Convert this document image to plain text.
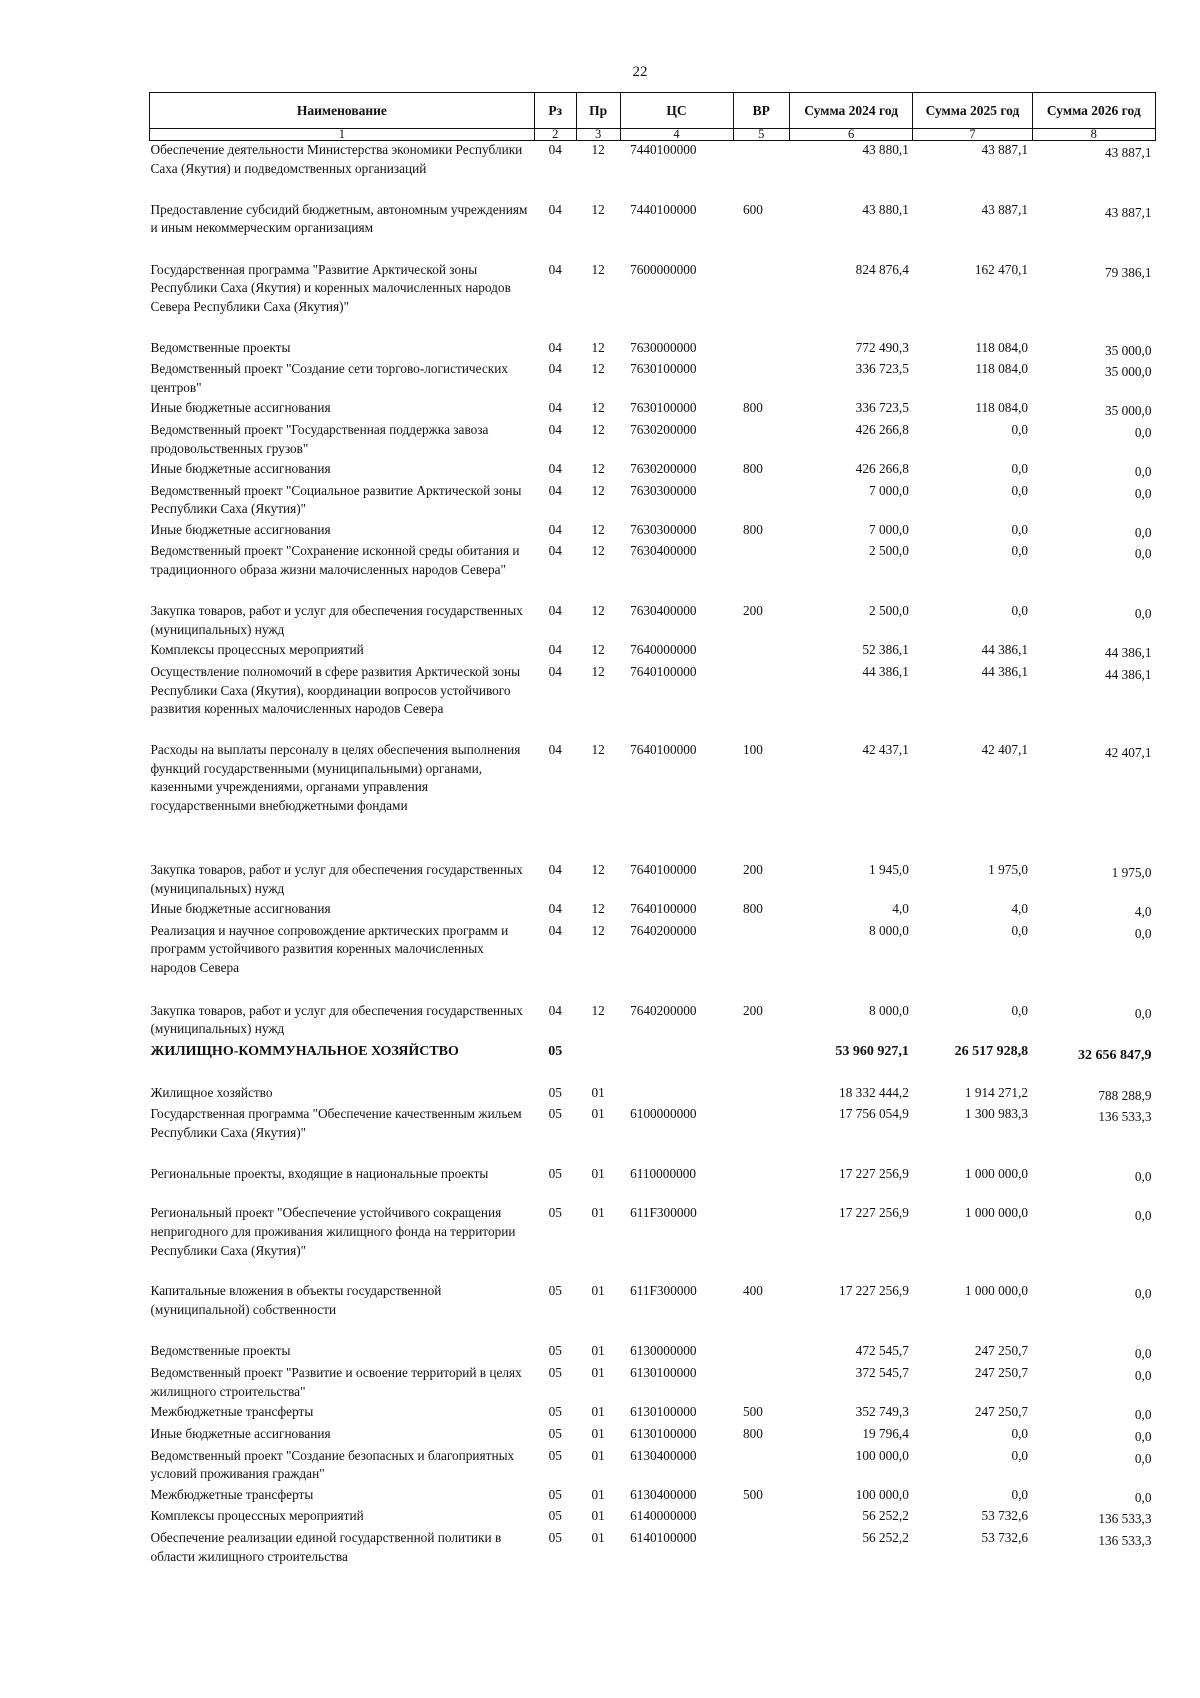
22
Наименование	Рз	Пр	ЦС	ВР	Сумма 2024 год	Сумма 2025 год	Сумма 2026 год
1	2	3	4	5	6	7	8
Обеспечение деятельности Министерства экономики Республики Саха (Якутия) и подведомственных организаций	04	12	7440100000		43 880,1	43 887,1	43 887,1
Предоставление субсидий бюджетным, автономным учреждениям и иным некоммерческим организациям	04	12	7440100000	600	43 880,1	43 887,1	43 887,1
Государственная программа "Развитие Арктической зоны Республики Саха (Якутия) и коренных малочисленных народов Севера Республики Саха (Якутия)"	04	12	7600000000		824 876,4	162 470,1	79 386,1
Ведомственные проекты	04	12	7630000000		772 490,3	118 084,0	35 000,0
Ведомственный проект "Создание сети торгово-логистических центров"	04	12	7630100000		336 723,5	118 084,0	35 000,0
Иные бюджетные ассигнования	04	12	7630100000	800	336 723,5	118 084,0	35 000,0
Ведомственный проект "Государственная поддержка завоза продовольственных грузов"	04	12	7630200000		426 266,8	0,0	0,0
Иные бюджетные ассигнования	04	12	7630200000	800	426 266,8	0,0	0,0
Ведомственный проект "Социальное развитие Арктической зоны Республики Саха (Якутия)"	04	12	7630300000		7 000,0	0,0	0,0
Иные бюджетные ассигнования	04	12	7630300000	800	7 000,0	0,0	0,0
Ведомственный проект "Сохранение исконной среды обитания и традиционного образа жизни малочисленных народов Севера"	04	12	7630400000		2 500,0	0,0	0,0
Закупка товаров, работ и услуг для обеспечения государственных (муниципальных) нужд	04	12	7630400000	200	2 500,0	0,0	0,0
Комплексы процессных мероприятий	04	12	7640000000		52 386,1	44 386,1	44 386,1
Осуществление полномочий в сфере развития Арктической зоны Республики Саха (Якутия), координации вопросов устойчивого развития коренных малочисленных народов Севера	04	12	7640100000		44 386,1	44 386,1	44 386,1
Расходы на выплаты персоналу в целях обеспечения выполнения функций государственными (муниципальными) органами, казенными учреждениями, органами управления государственными внебюджетными фондами	04	12	7640100000	100	42 437,1	42 407,1	42 407,1
Закупка товаров, работ и услуг для обеспечения государственных (муниципальных) нужд	04	12	7640100000	200	1 945,0	1 975,0	1 975,0
Иные бюджетные ассигнования	04	12	7640100000	800	4,0	4,0	4,0
Реализация и научное сопровождение арктических программ и программ устойчивого развития коренных малочисленных народов Севера	04	12	7640200000		8 000,0	0,0	0,0
Закупка товаров, работ и услуг для обеспечения государственных (муниципальных) нужд	04	12	7640200000	200	8 000,0	0,0	0,0
ЖИЛИЩНО-КОММУНАЛЬНОЕ ХОЗЯЙСТВО	05				53 960 927,1	26 517 928,8	32 656 847,9
Жилищное хозяйство	05	01			18 332 444,2	1 914 271,2	788 288,9
Государственная программа "Обеспечение качественным жильем Республики Саха (Якутия)"	05	01	6100000000		17 756 054,9	1 300 983,3	136 533,3
Региональные проекты, входящие в национальные проекты	05	01	6110000000		17 227 256,9	1 000 000,0	0,0
Региональный проект "Обеспечение устойчивого сокращения непригодного для проживания жилищного фонда на территории Республики Саха (Якутия)"	05	01	611F300000		17 227 256,9	1 000 000,0	0,0
Капитальные вложения в объекты государственной (муниципальной) собственности	05	01	611F300000	400	17 227 256,9	1 000 000,0	0,0
Ведомственные проекты	05	01	6130000000		472 545,7	247 250,7	0,0
Ведомственный проект "Развитие и освоение территорий в целях жилищного строительства"	05	01	6130100000		372 545,7	247 250,7	0,0
Межбюджетные трансферты	05	01	6130100000	500	352 749,3	247 250,7	0,0
Иные бюджетные ассигнования	05	01	6130100000	800	19 796,4	0,0	0,0
Ведомственный проект "Создание безопасных и благоприятных условий проживания граждан"	05	01	6130400000		100 000,0	0,0	0,0
Межбюджетные трансферты	05	01	6130400000	500	100 000,0	0,0	0,0
Комплексы процессных мероприятий	05	01	6140000000		56 252,2	53 732,6	136 533,3
Обеспечение реализации единой государственной политики в области жилищного строительства	05	01	6140100000		56 252,2	53 732,6	136 533,3
